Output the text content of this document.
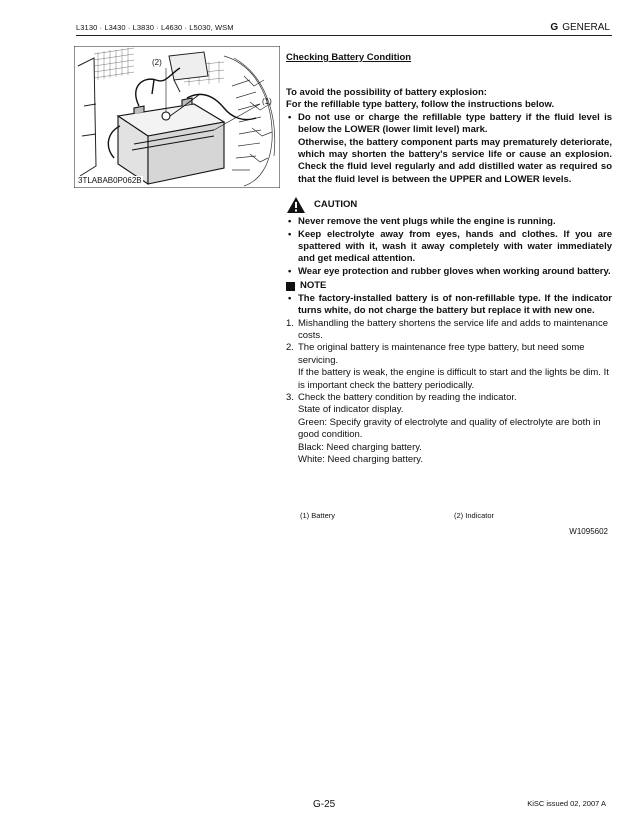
L3130 · L3430 · L3830 · L4630 · L5030, WSM	G GENERAL
(2)
(1)
3TLABAB0P062B
Checking Battery Condition

To avoid the possibility of battery explosion:

For the refillable type battery, follow the instructions below.

• Do not use or charge the refillable type battery if the fluid level is below the LOWER (lower limit level) mark.
Otherwise, the battery component parts may prematurely deteriorate, which may shorten the battery's service life or cause an explosion. Check the fluid level regularly and add distilled water as required so that the fluid level is between the UPPER and LOWER levels.
CAUTION
• Never remove the vent plugs while the engine is running.
• Keep electrolyte away from eyes, hands and clothes. If you are spattered with it, wash it away completely with water immediately and get medical attention.
• Wear eye protection and rubber gloves when working around battery.
NOTE
• The factory-installed battery is of non-refillable type. If the indicator turns white, do not charge the battery but replace it with new one.
1. Mishandling the battery shortens the service life and adds to maintenance costs.
2. The original battery is maintenance free type battery, but need some servicing.
If the battery is weak, the engine is difficult to start and the lights be dim. It is important check the battery periodically.
3. Check the battery condition by reading the indicator.
State of indicator display.
Green: Specify gravity of electrolyte and quality of electrolyte are both in good condition.
Black: Need charging battery.
White: Need charging battery.
(1) Battery	(2) Indicator
W1095602
G-25	KiSC issued 02, 2007 A
